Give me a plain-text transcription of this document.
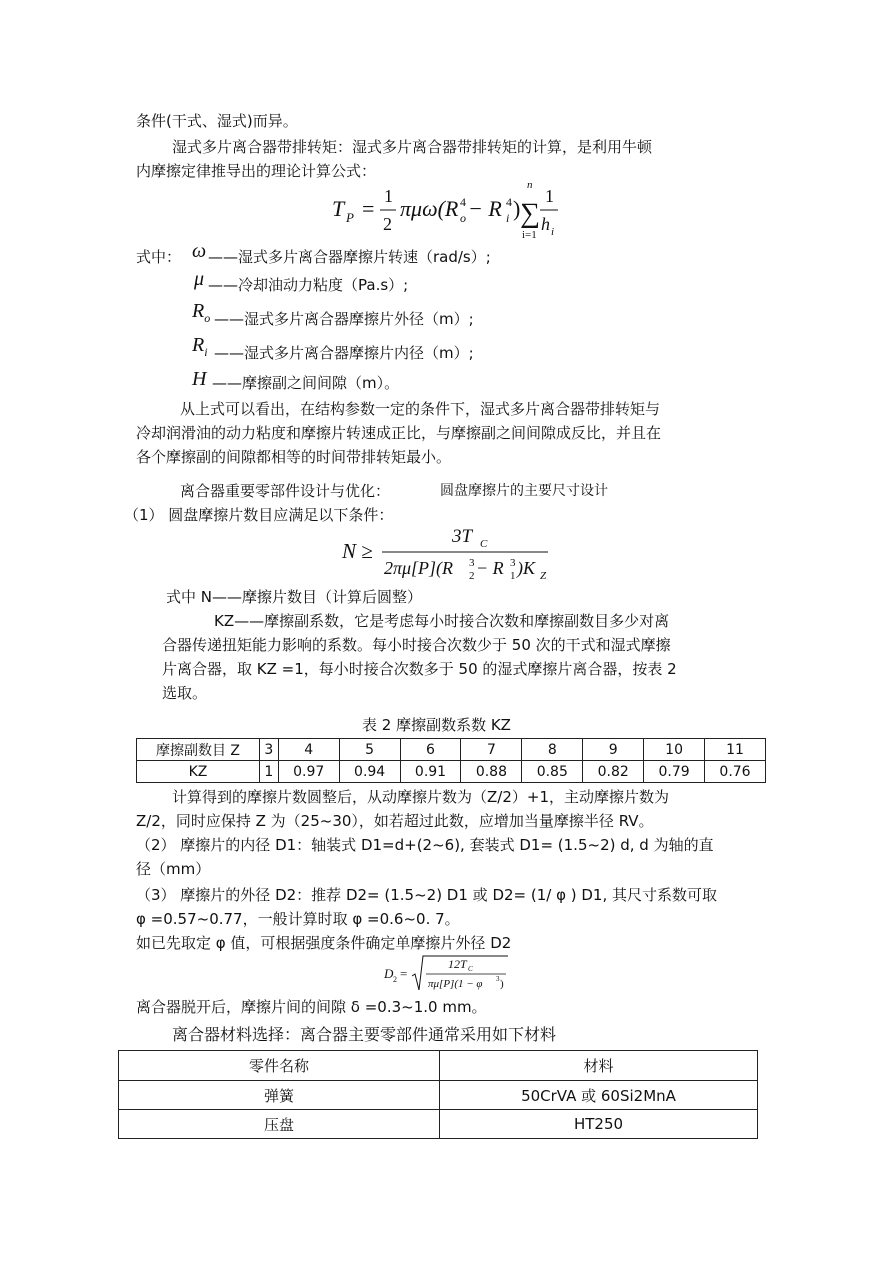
条件(干式、湿式)而异。
湿式多片离合器带排转矩：湿式多片离合器带排转矩的计算，是利用牛顿
内摩擦定律推导出的理论计算公式：
T P = 1
2
πμω(R 4
o − R 4
i )
n
∑
i=1
1
h i
式中： ω ——湿式多片离合器摩擦片转速（rad/s）;
μ ——冷却油动力粘度（Pa.s）;
$R_o$ ——湿式多片离合器摩擦片外径（m）;
$R_i$ ——湿式多片离合器摩擦片内径（m）;
H ——摩擦副之间间隙（m）。
从上式可以看出，在结构参数一定的条件下，湿式多片离合器带排转矩与
冷却润滑油的动力粘度和摩擦片转速成正比，与摩擦副之间间隙成反比，并且在
各个摩擦副的间隙都相等的时间带排转矩最小。
离合器重要零部件设计与优化：	圆盘摩擦片的主要尺寸设计
（1） 圆盘摩擦片数目应满足以下条件：
N ≥
3T C
2πμ[P](R 3
2 − R 3
1 )K Z
式中 N——摩擦片数目（计算后圆整）
KZ——摩擦副系数，它是考虑每小时接合次数和摩擦副数目多少对离
合器传递扭矩能力影响的系数。每小时接合次数少于 50 次的干式和湿式摩擦
片离合器，取 KZ =1，每小时接合次数多于 50 的湿式摩擦片离合器，按表 2
选取。
表 2 摩擦副数系数 KZ
摩擦副数目 Z	3	4	5	6	7	8	9	10	11
KZ	1	0.97	0.94	0.91	0.88	0.85	0.82	0.79	0.76
计算得到的摩擦片数圆整后，从动摩擦片数为（Z/2）+1，主动摩擦片数为
Z/2，同时应保持 Z 为（25~30），如若超过此数，应增加当量摩擦半径 RV。
（2） 摩擦片的内径 D1：轴装式 D1=d+(2~6), 套装式 D1= (1.5~2) d, d 为轴的直
径（mm）
（3） 摩擦片的外径 D2：推荐 D2= (1.5~2) D1 或 D2= (1/ φ ) D1, 其尺寸系数可取
φ =0.57~0.77，一般计算时取 φ =0.6~0. 7。
如已先取定 φ 值，可根据强度条件确定单摩擦片外径 D2
D 2 =
12T C
πμ[P](1 − φ 3 )
离合器脱开后，摩擦片间的间隙 δ =0.3~1.0 mm。
离合器材料选择：离合器主要零部件通常采用如下材料
零件名称	材料
弹簧	50CrVA 或 60Si2MnA
压盘	HT250
